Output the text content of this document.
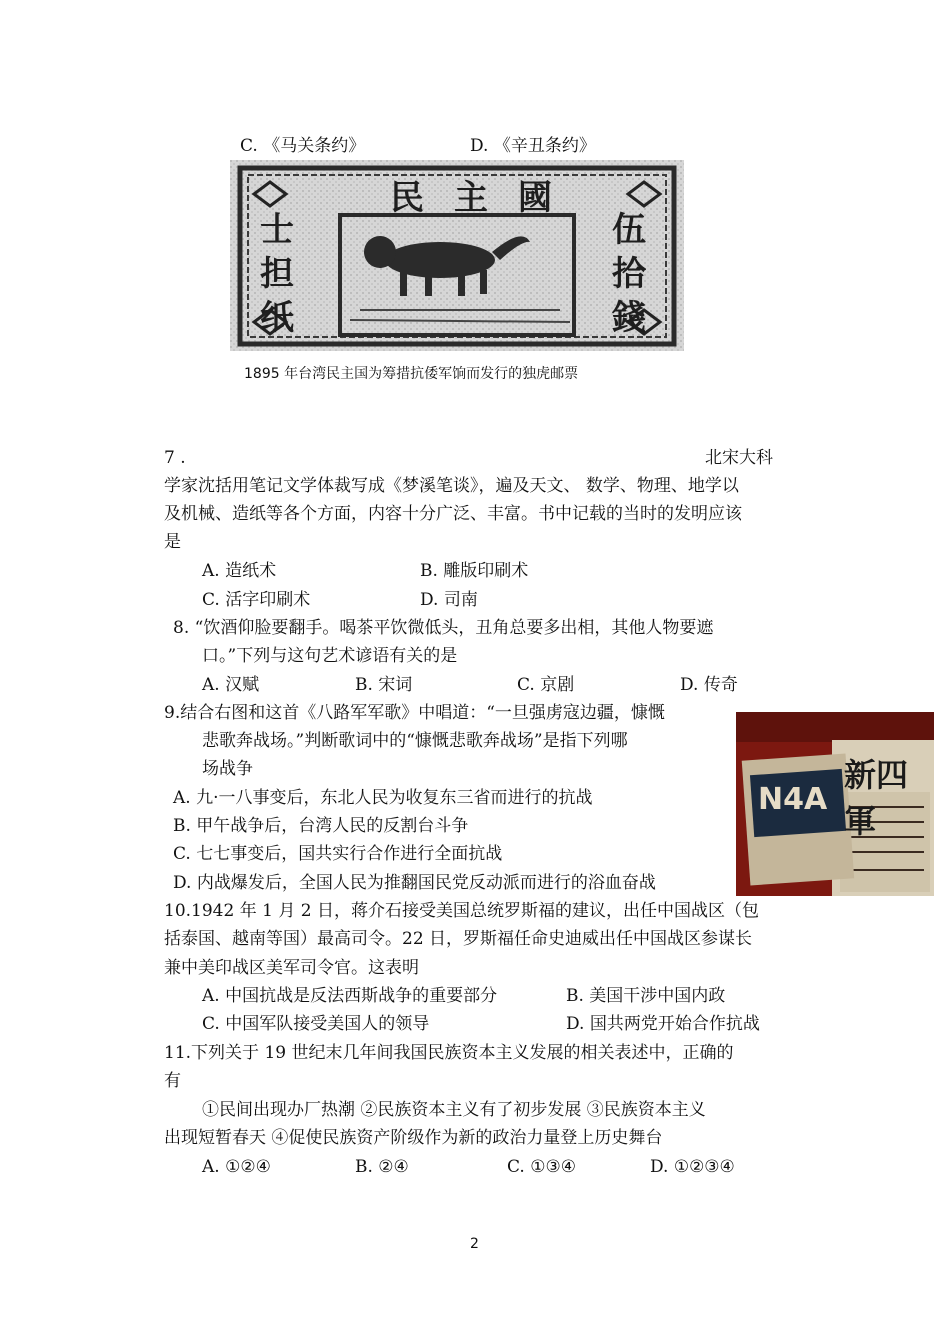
C. 《马关条约》	D. 《辛丑条约》
民主國
士担纸
伍拾錢
1895 年台湾民主国为筹措抗倭军饷而发行的独虎邮票
7 .	北宋大科
学家沈括用笔记文学体裁写成《梦溪笔谈》，遍及天文、 数学、物理、地学以
及机械、造纸等各个方面，内容十分广泛、丰富。书中记载的当时的发明应该
是
A. 造纸术	B. 雕版印刷术
C. 活字印刷术	D. 司南
8. “饮酒仰脸要翻手。喝茶平饮微低头，丑角总要多出相，其他人物要遮
口。”下列与这句艺术谚语有关的是
A. 汉赋	B. 宋词	C. 京剧	D. 传奇
9.结合右图和这首《八路军军歌》中唱道：“一旦强虏寇边疆，慷慨
悲歌奔战场。”判断歌词中的“慷慨悲歌奔战场”是指下列哪
场战争
A. 九·一八事变后，东北人民为收复东三省而进行的抗战
B. 甲午战争后，台湾人民的反割台斗争
C. 七七事变后，国共实行合作进行全面抗战
D. 内战爆发后，全国人民为推翻国民党反动派而进行的浴血奋战
N4A
新四軍
10.1942 年 1 月 2 日，蒋介石接受美国总统罗斯福的建议，出任中国战区（包
括泰国、越南等国）最高司令。22 日，罗斯福任命史迪威出任中国战区参谋长
兼中美印战区美军司令官。这表明
A. 中国抗战是反法西斯战争的重要部分	B. 美国干涉中国内政
C. 中国军队接受美国人的领导	D. 国共两党开始合作抗战
11.下列关于 19 世纪末几年间我国民族资本主义发展的相关表述中，正确的
有
①民间出现办厂热潮 ②民族资本主义有了初步发展 ③民族资本主义
出现短暂春天 ④促使民族资产阶级作为新的政治力量登上历史舞台
A. ①②④	B. ②④	C. ①③④	D. ①②③④
2
